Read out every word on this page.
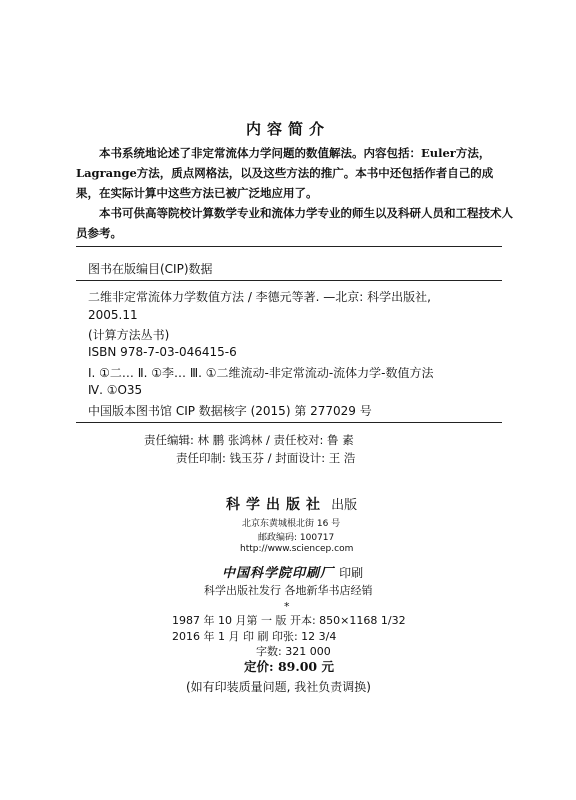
内容简介

本书系统地论述了非定常流体力学问题的数值解法。内容包括：Euler方法，Lagrange方法，质点网格法，以及这些方法的推广。本书中还包括作者自己的成果，在实际计算中这些方法已被广泛地应用了。

本书可供高等院校计算数学专业和流体力学专业的师生以及科研人员和工程技术人员参考。

图书在版编目(CIP)数据
二维非定常流体力学数值方法 / 李德元等著. —北京: 科学出版社,
2005.11
(计算方法丛书)
ISBN 978-7-03-046415-6
Ⅰ. ①二… Ⅱ. ①李… Ⅲ. ①二维流动-非定常流动-流体力学-数值方法
Ⅳ. ①O35
中国版本图书馆 CIP 数据核字 (2015) 第 277029 号
责任编辑: 林 鹏 张鸿林 / 责任校对: 鲁 素
责任印制: 钱玉芬 / 封面设计: 王 浩
科学出版社 出版
北京东黄城根北街 16 号
邮政编码: 100717
http://www.sciencep.com
中国科学院印刷厂 印刷
科学出版社发行 各地新华书店经销
*
1987 年 10 月第 一 版 开本: 850×1168 1/32
2016 年 1 月 印 刷 印张: 12 3/4
字数: 321 000
定价: 89.00 元
(如有印装质量问题, 我社负责调换)
